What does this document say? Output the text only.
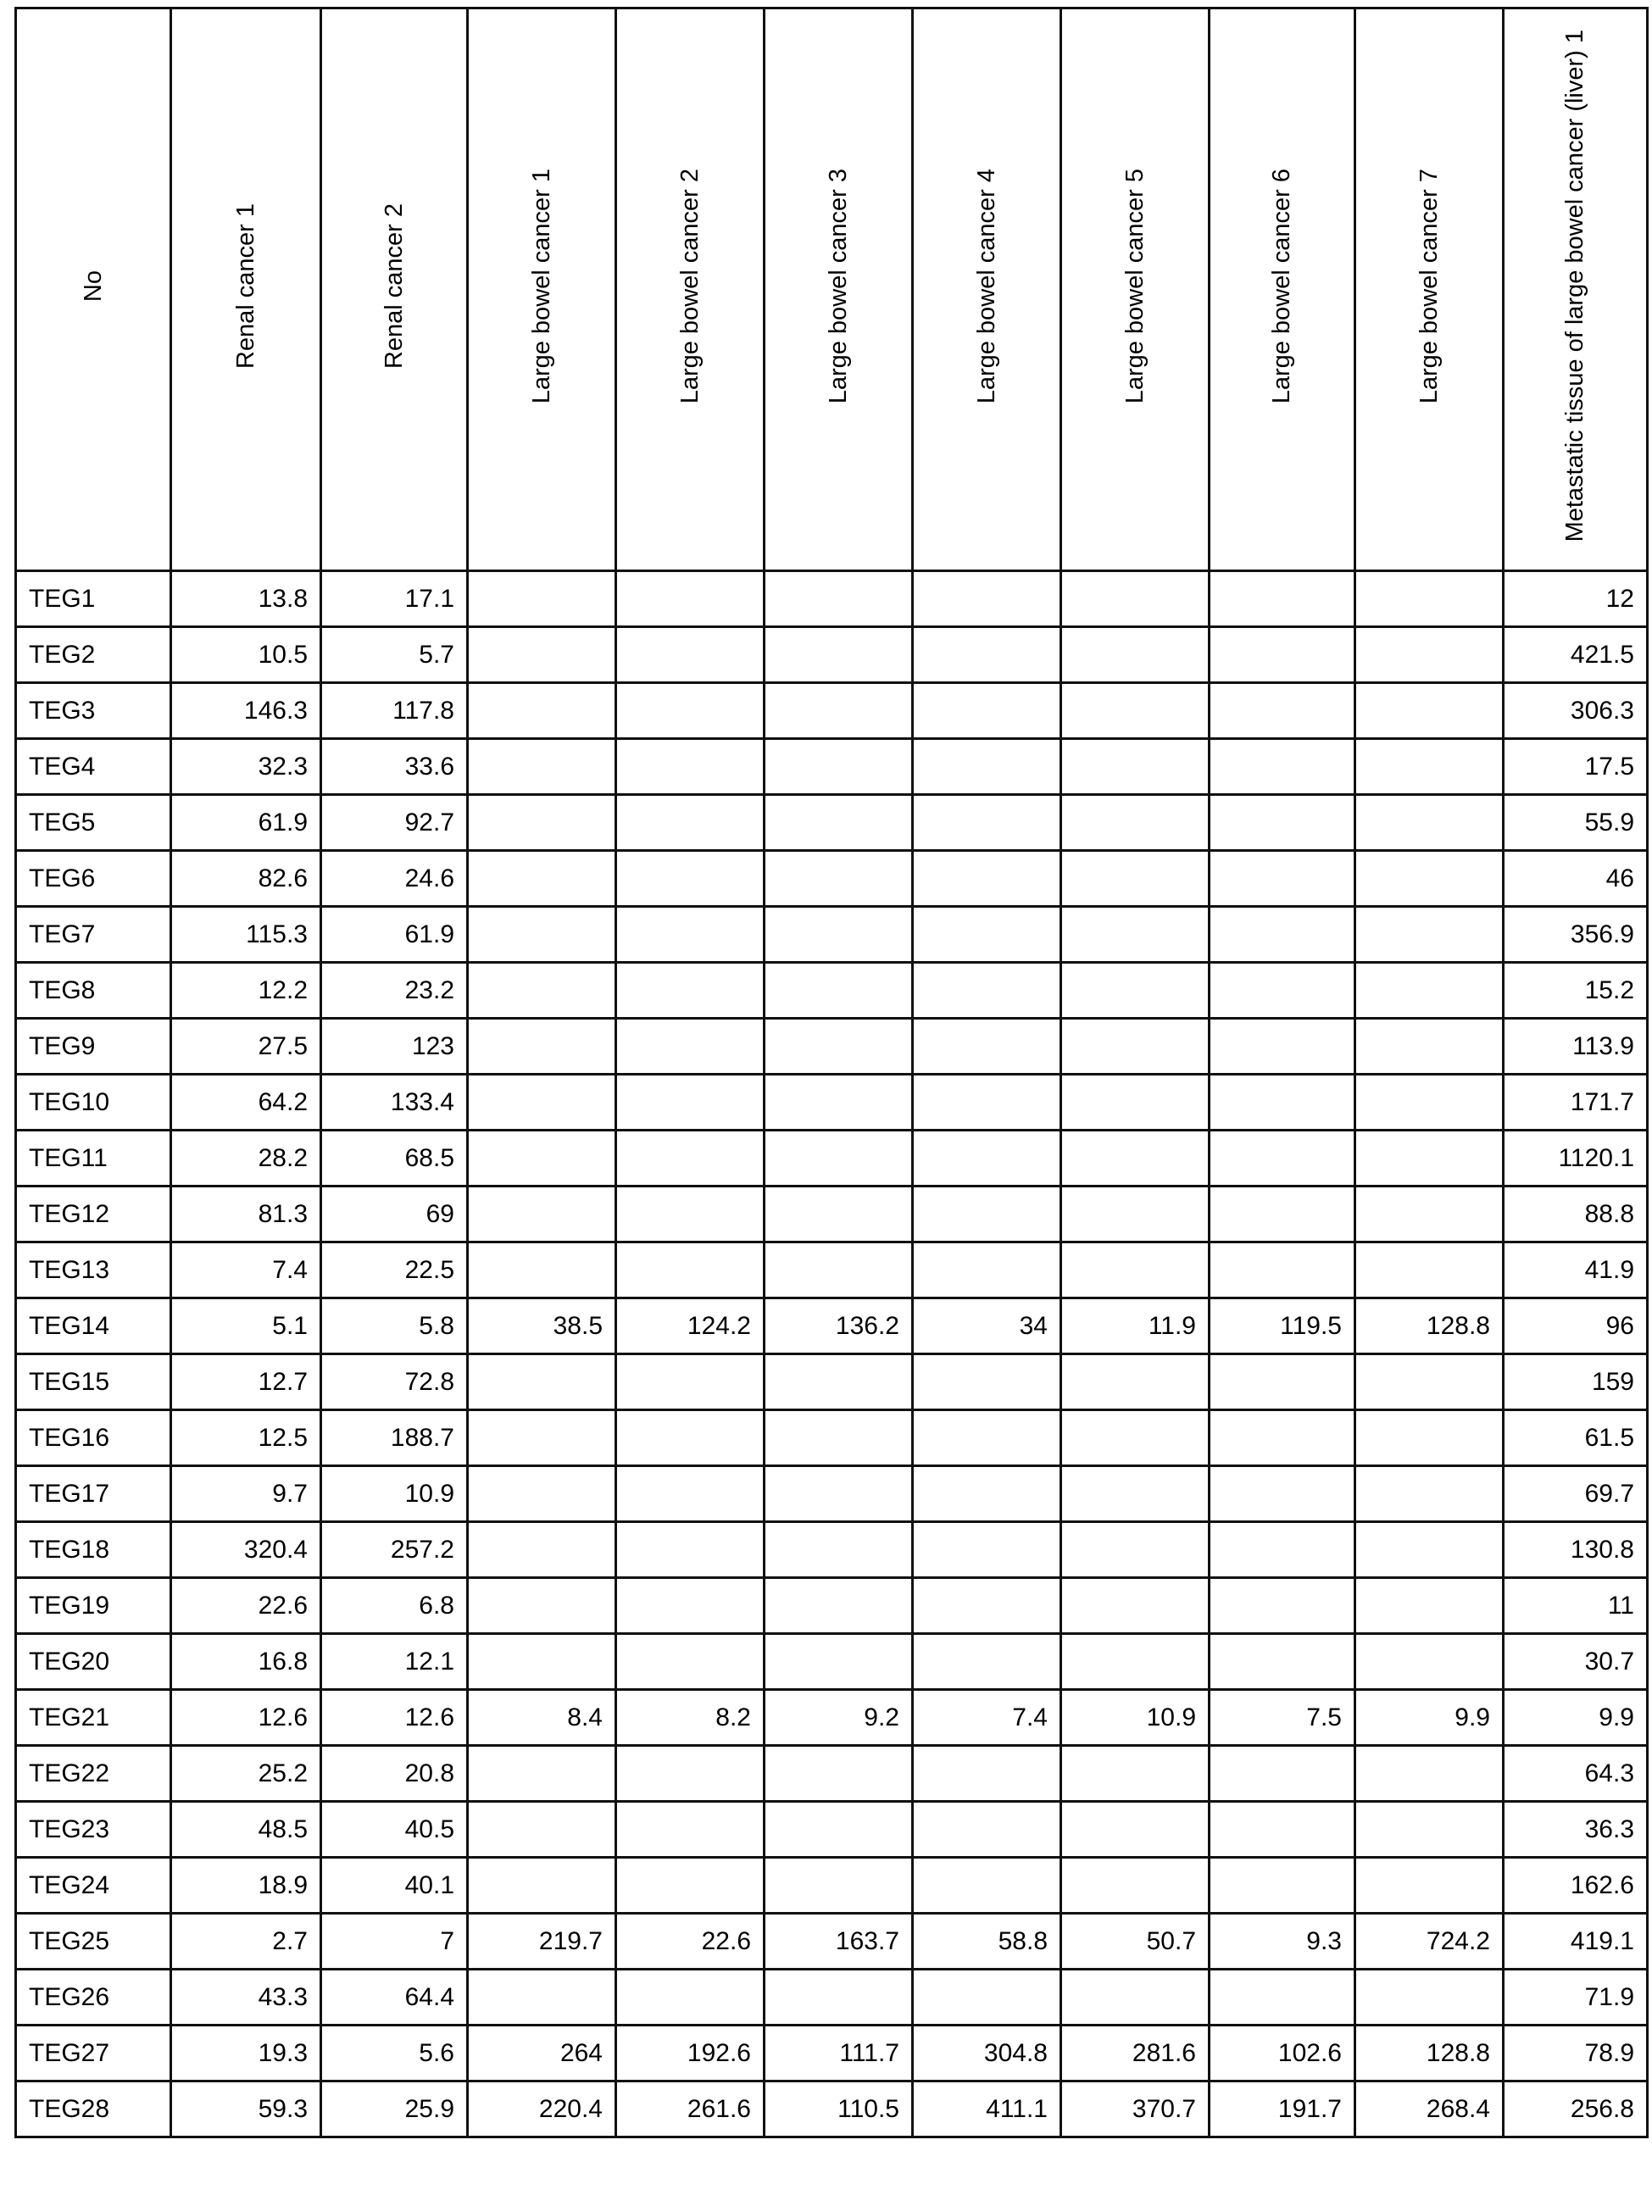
No	Renal cancer 1	Renal cancer 2	Large bowel cancer 1	Large bowel cancer 2	Large bowel cancer 3	Large bowel cancer 4	Large bowel cancer 5	Large bowel cancer 6	Large bowel cancer 7	Metastatic tissue of large bowel cancer (liver) 1
TEG1	13.8	17.1								12
TEG2	10.5	5.7								421.5
TEG3	146.3	117.8								306.3
TEG4	32.3	33.6								17.5
TEG5	61.9	92.7								55.9
TEG6	82.6	24.6								46
TEG7	115.3	61.9								356.9
TEG8	12.2	23.2								15.2
TEG9	27.5	123								113.9
TEG10	64.2	133.4								171.7
TEG11	28.2	68.5								1120.1
TEG12	81.3	69								88.8
TEG13	7.4	22.5								41.9
TEG14	5.1	5.8	38.5	124.2	136.2	34	11.9	119.5	128.8	96
TEG15	12.7	72.8								159
TEG16	12.5	188.7								61.5
TEG17	9.7	10.9								69.7
TEG18	320.4	257.2								130.8
TEG19	22.6	6.8								11
TEG20	16.8	12.1								30.7
TEG21	12.6	12.6	8.4	8.2	9.2	7.4	10.9	7.5	9.9	9.9
TEG22	25.2	20.8								64.3
TEG23	48.5	40.5								36.3
TEG24	18.9	40.1								162.6
TEG25	2.7	7	219.7	22.6	163.7	58.8	50.7	9.3	724.2	419.1
TEG26	43.3	64.4								71.9
TEG27	19.3	5.6	264	192.6	111.7	304.8	281.6	102.6	128.8	78.9
TEG28	59.3	25.9	220.4	261.6	110.5	411.1	370.7	191.7	268.4	256.8
